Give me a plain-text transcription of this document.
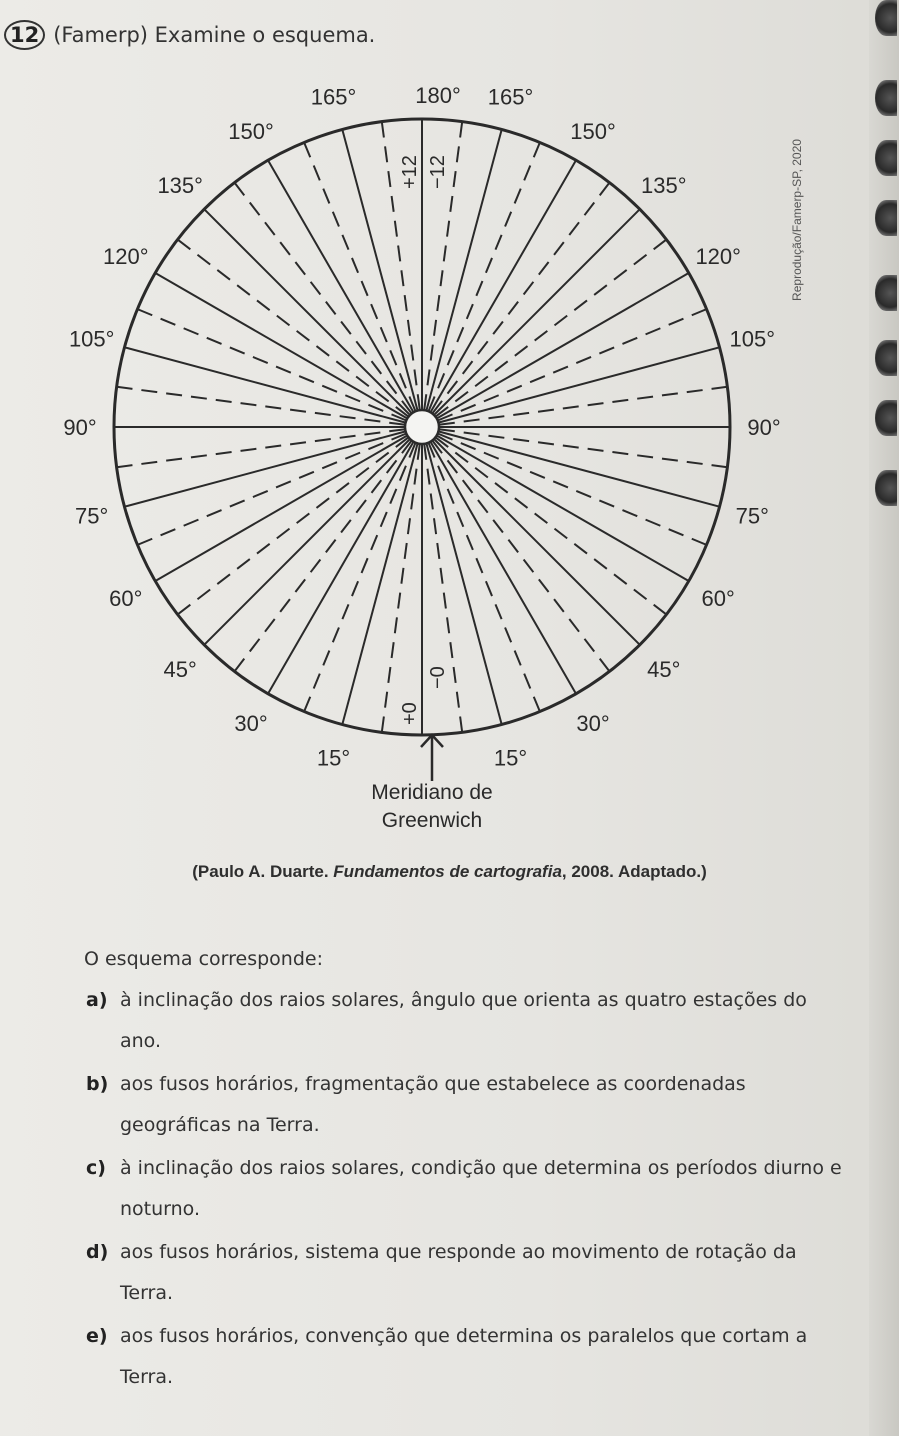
12 (Famerp) Examine o esquema.
165°
150°
135°
120°
105°
90°
75°
60°
45°
30°
15°
165°
150°
135°
120°
105°
90°
75°
60°
45°
30°
15°
180°
+12 −12
+0
−0
Meridiano de
Greenwich
Reprodução/Famerp-SP, 2020
(Paulo A. Duarte. Fundamentos de cartografia, 2008. Adaptado.)
O esquema corresponde:
a) à inclinação dos raios solares, ângulo que orienta as quatro estações do ano.
b) aos fusos horários, fragmentação que estabelece as coordenadas geográficas na Terra.
c) à inclinação dos raios solares, condição que determina os períodos diurno e noturno.
d) aos fusos horários, sistema que responde ao movimento de rotação da Terra.
e) aos fusos horários, convenção que determina os paralelos que cortam a Terra.
